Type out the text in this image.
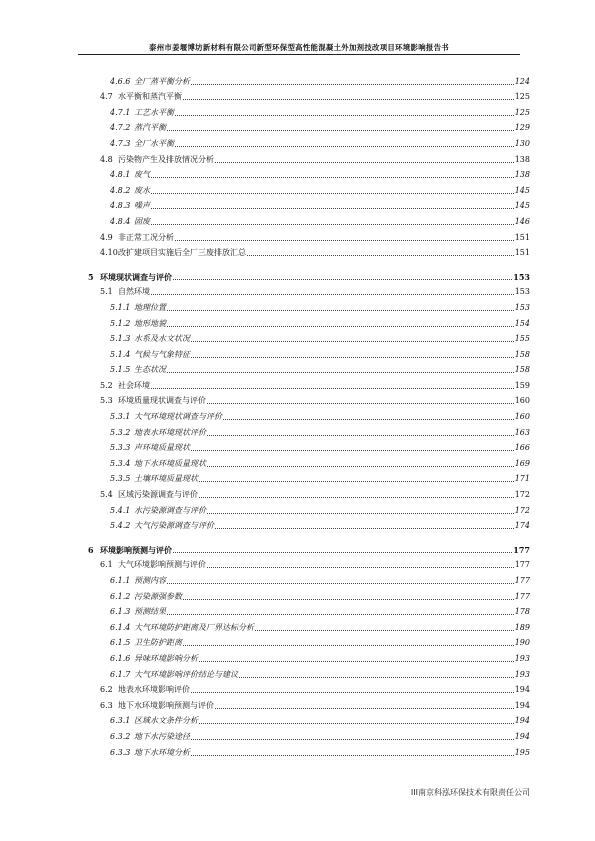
泰州市姜堰博坊新材料有限公司新型环保型高性能混凝土外加剂技改项目环境影响报告书
4.6.6 全厂蒸平衡分析	124
4.7 水平衡和蒸汽平衡	125
4.7.1 工艺水平衡	125
4.7.2 蒸汽平衡	129
4.7.3 全厂水平衡	130
4.8 污染物产生及排放情况分析	138
4.8.1 废气	138
4.8.2 废水	145
4.8.3 噪声	145
4.8.4 固废	146
4.9 非正常工况分析	151
4.10 改扩建项目实施后全厂三废排放汇总	151
5 环境现状调查与评价	153
5.1 自然环境	153
5.1.1 地理位置	153
5.1.2 地形地貌	154
5.1.3 水系及水文状况	155
5.1.4 气候与气象特征	158
5.1.5 生态状况	158
5.2 社会环境	159
5.3 环境质量现状调查与评价	160
5.3.1 大气环境现状调查与评价	160
5.3.2 地表水环境现状评价	163
5.3.3 声环境质量现状	166
5.3.4 地下水环境质量现状	169
5.3.5 土壤环境质量现状	171
5.4 区域污染源调查与评价	172
5.4.1 水污染源调查与评价	172
5.4.2 大气污染源调查与评价	174
6 环境影响预测与评价	177
6.1 大气环境影响预测与评价	177
6.1.1 预测内容	177
6.1.2 污染源强参数	177
6.1.3 预测结果	178
6.1.4 大气环境防护距离及厂界达标分析	189
6.1.5 卫生防护距离	190
6.1.6 异味环境影响分析	193
6.1.7 大气环境影响评价结论与建议	193
6.2 地表水环境影响评价	194
6.3 地下水环境影响预测与评价	194
6.3.1 区域水文条件分析	194
6.3.2 地下水污染途径	194
6.3.3 地下水环境分析	195
III南京科泓环保技术有限责任公司
